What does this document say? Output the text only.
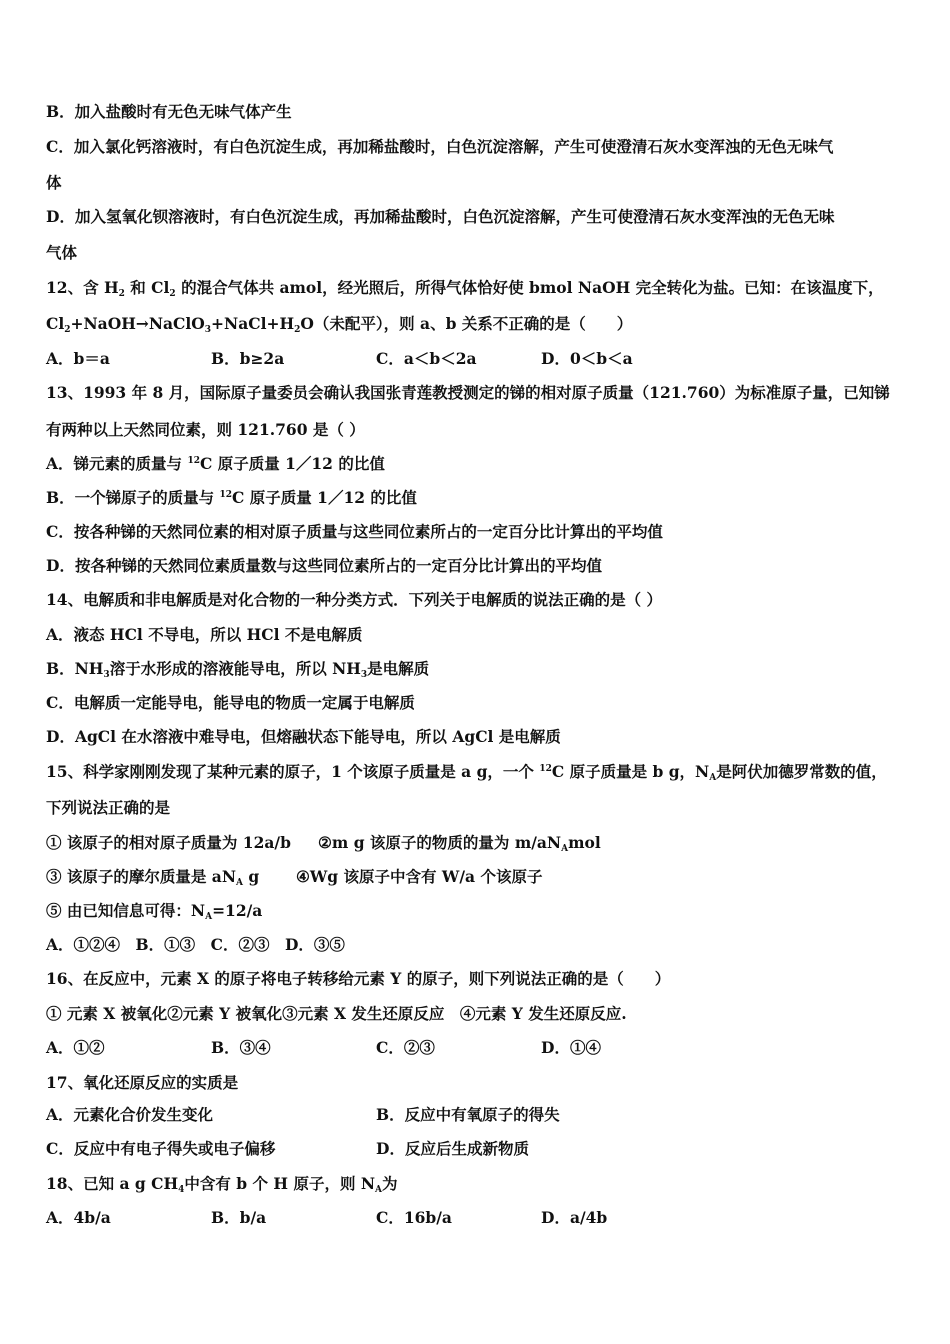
B．加入盐酸时有无色无味气体产生
C．加入氯化钙溶液时，有白色沉淀生成，再加稀盐酸时，白色沉淀溶解，产生可使澄清石灰水变浑浊的无色无味气
体
D．加入氢氧化钡溶液时，有白色沉淀生成，再加稀盐酸时，白色沉淀溶解，产生可使澄清石灰水变浑浊的无色无味
气体
12、含 $H_2$ 和 $Cl_2$ 的混合气体共 amol，经光照后，所得气体恰好使 bmol NaOH 完全转化为盐。已知：在该温度下，
$Cl_2+NaOH\to NaClO_3+NaCl+H_2O$（未配平），则 a、b 关系不正确的是（　　）
A．b＝a	B．b≥2a	C．a＜b＜2a	D．0＜b＜a
13、1993 年 8 月，国际原子量委员会确认我国张青莲教授测定的锑的相对原子质量（121.760）为标准原子量，已知锑
有两种以上天然同位素，则 121.760 是（ ）
A．锑元素的质量与 $^{12}$C 原子质量 1／12 的比值
B．一个锑原子的质量与 $^{12}$C 原子质量 1／12 的比值
C．按各种锑的天然同位素的相对原子质量与这些同位素所占的一定百分比计算出的平均值
D．按各种锑的天然同位素质量数与这些同位素所占的一定百分比计算出的平均值
14、电解质和非电解质是对化合物的一种分类方式．下列关于电解质的说法正确的是（ ）
A．液态 HCl 不导电，所以 HCl 不是电解质
B．$NH_3$溶于水形成的溶液能导电，所以 $NH_3$是电解质
C．电解质一定能导电，能导电的物质一定属于电解质
D．AgCl 在水溶液中难导电，但熔融状态下能导电，所以 AgCl 是电解质
15、科学家刚刚发现了某种元素的原子，1 个该原子质量是 a g，一个 $^{12}$C 原子质量是 b g，$N_A$是阿伏加德罗常数的值，
下列说法正确的是
① 该原子的相对原子质量为 12a/b ②m g 该原子的物质的量为 $m/aN_Amol$
③ 该原子的摩尔质量是 $aN_A$ g ④Wg 该原子中含有 W/a 个该原子
⑤ 由已知信息可得：$N_A=12/a$
A．①②④　B．①③　C．②③　D．③⑤
16、在反应中，元素 X 的原子将电子转移给元素 Y 的原子，则下列说法正确的是（　　）
① 元素 X 被氧化②元素 Y 被氧化③元素 X 发生还原反应　④元素 Y 发生还原反应.
A．①②	B．③④	C．②③	D．①④
17、氧化还原反应的实质是
A．元素化合价发生变化	B．反应中有氧原子的得失
C．反应中有电子得失或电子偏移	D．反应后生成新物质
18、已知 a g $CH_4$中含有 b 个 H 原子，则 $N_A$为
A．4b/a	B．b/a	C．16b/a	D．a/4b
